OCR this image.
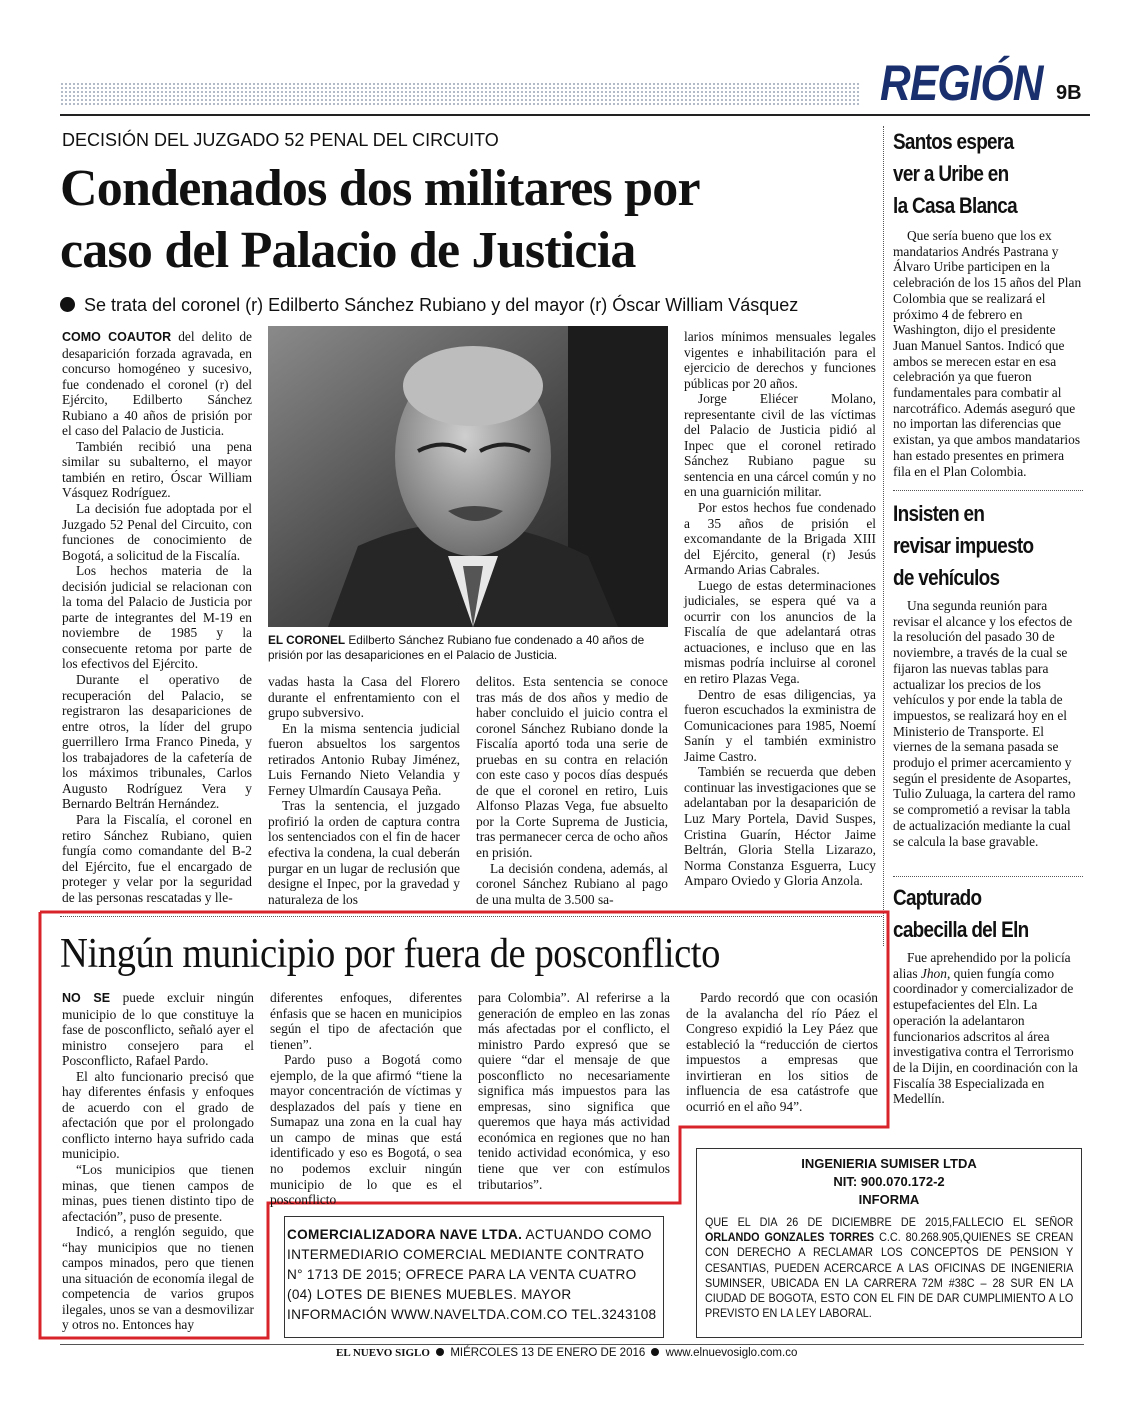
REGIÓN 9B
DECISIÓN DEL JUZGADO 52 PENAL DEL CIRCUITO
Condenados dos militares por
caso del Palacio de Justicia
Se trata del coronel (r) Edilberto Sánchez Rubiano y del mayor (r) Óscar William Vásquez

COMO COAUTOR del delito de desaparición forzada agravada, en concurso homogéneo y sucesivo, fue condenado el coronel (r) del Ejército, Edilberto Sánchez Rubiano a 40 años de prisión por el caso del Palacio de Justicia.

También recibió una pena similar su subalterno, el mayor también en retiro, Óscar William Vásquez Rodríguez.

La decisión fue adoptada por el Juzgado 52 Penal del Circuito, con funciones de conocimiento de Bogotá, a solicitud de la Fiscalía.

Los hechos materia de la decisión judicial se relacionan con la toma del Palacio de Justicia por parte de integrantes del M-19 en noviembre de 1985 y la consecuente retoma por parte de los efectivos del Ejército.

Durante el operativo de recuperación del Palacio, se registraron las desapariciones de entre otros, la líder del grupo guerrillero Irma Franco Pineda, y los trabajadores de la cafetería de los máximos tribunales, Carlos Augusto Rodríguez Vera y Bernardo Beltrán Hernández.

Para la Fiscalía, el coronel en retiro Sánchez Rubiano, quien fungía como comandante del B-2 del Ejército, fue el encargado de proteger y velar por la seguridad de las personas rescatadas y lle-

EL CORONEL Edilberto Sánchez Rubiano fue condenado a 40 años de prisión por las desapariciones en el Palacio de Justicia.

vadas hasta la Casa del Florero durante el enfrentamiento con el grupo subversivo.

En la misma sentencia judicial fueron absueltos los sargentos retirados Antonio Rubay Jiménez, Luis Fernando Nieto Velandia y Ferney Ulmardín Causaya Peña.

Tras la sentencia, el juzgado profirió la orden de captura contra los sentenciados con el fin de hacer efectiva la condena, la cual deberán purgar en un lugar de reclusión que designe el Inpec, por la gravedad y naturaleza de los

delitos. Esta sentencia se conoce tras más de dos años y medio de haber concluido el juicio contra el coronel Sánchez Rubiano donde la Fiscalía aportó toda una serie de pruebas en su contra en relación con este caso y pocos días después de que el coronel en retiro, Luis Alfonso Plazas Vega, fue absuelto por la Corte Suprema de Justicia, tras permanecer cerca de ocho años en prisión.

La decisión condena, además, al coronel Sánchez Rubiano al pago de una multa de 3.500 sa-

larios mínimos mensuales legales vigentes e inhabilitación para el ejercicio de derechos y funciones públicas por 20 años.

Jorge Eliécer Molano, representante civil de las víctimas del Palacio de Justicia pidió al Inpec que el coronel retirado Sánchez Rubiano pague su sentencia en una cárcel común y no en una guarnición militar.

Por estos hechos fue condenado a 35 años de prisión el excomandante de la Brigada XIII del Ejército, general (r) Jesús Armando Arias Cabrales.

Luego de estas determinaciones judiciales, se espera qué va a ocurrir con los anuncios de la Fiscalía de que adelantará otras actuaciones, e incluso que en las mismas podría incluirse al coronel en retiro Plazas Vega.

Dentro de esas diligencias, ya fueron escuchados la exministra de Comunicaciones para 1985, Noemí Sanín y el también exministro Jaime Castro.

También se recuerda que deben continuar las investigaciones que se adelantaban por la desaparición de Luz Mary Portela, David Suspes, Cristina Guarín, Héctor Jaime Beltrán, Gloria Stella Lizarazo, Norma Constanza Esguerra, Lucy Amparo Oviedo y Gloria Anzola.

Santos espera
ver a Uribe en
la Casa Blanca

Que sería bueno que los ex mandatarios Andrés Pastrana y Álvaro Uribe participen en la celebración de los 15 años del Plan Colombia que se realizará el próximo 4 de febrero en Washington, dijo el presidente Juan Manuel Santos. Indicó que ambos se merecen estar en esa celebración ya que fueron fundamentales para combatir al narcotráfico. Además aseguró que no importan las diferencias que existan, ya que ambos mandatarios han estado presentes en primera fila en el Plan Colombia.

Insisten en
revisar impuesto
de vehículos

Una segunda reunión para revisar el alcance y los efectos de la resolución del pasado 30 de noviembre, a través de la cual se fijaron las nuevas tablas para actualizar los precios de los vehículos y por ende la tabla de impuestos, se realizará hoy en el Ministerio de Transporte. El viernes de la semana pasada se produjo el primer acercamiento y según el presidente de Asopartes, Tulio Zuluaga, la cartera del ramo se comprometió a revisar la tabla de actualización mediante la cual se calcula la base gravable.

Capturado
cabecilla del Eln

Fue aprehendido por la policía alias Jhon, quien fungía como coordinador y comercializador de estupefacientes del Eln. La operación la adelantaron funcionarios adscritos al área investigativa contra el Terrorismo de la Dijin, en coordinación con la Fiscalía 38 Especializada en Medellín.

Ningún municipio por fuera de posconflicto

NO SE puede excluir ningún municipio de lo que constituye la fase de posconflicto, señaló ayer el ministro consejero para el Posconflicto, Rafael Pardo.

El alto funcionario precisó que hay diferentes énfasis y enfoques de acuerdo con el grado de afectación que por el prolongado conflicto interno haya sufrido cada municipio.

“Los municipios que tienen minas, que tienen campos de minas, pues tienen distinto tipo de afectación”, puso de presente.

Indicó, a renglón seguido, que “hay municipios que no tienen campos minados, pero que tienen una situación de economía ilegal de competencia de varios grupos ilegales, unos se van a desmovilizar y otros no. Entonces hay

diferentes enfoques, diferentes énfasis que se hacen en municipios según el tipo de afectación que tienen”.

Pardo puso a Bogotá como ejemplo, de la que afirmó “tiene la mayor concentración de víctimas y desplazados del país y tiene en Sumapaz una zona en la cual hay un campo de minas que está identificado y eso es Bogotá, o sea no podemos excluir ningún municipio de lo que es el posconflicto

para Colombia”. Al referirse a la generación de empleo en las zonas más afectadas por el conflicto, el ministro Pardo expresó que se quiere “dar el mensaje de que posconflicto no necesariamente significa más impuestos para las empresas, sino significa que queremos que haya más actividad económica en regiones que no han tenido actividad económica, y eso tiene que ver con estímulos tributarios”.

Pardo recordó que con ocasión de la avalancha del río Páez el Congreso expidió la Ley Páez que estableció la “reducción de ciertos impuestos a empresas que invirtieran en los sitios de influencia de esa catástrofe que ocurrió en el año 94”.

COMERCIALIZADORA NAVE LTDA. ACTUANDO COMO INTERMEDIARIO COMERCIAL MEDIANTE CONTRATO N° 1713 DE 2015; OFRECE PARA LA VENTA CUATRO (04) LOTES DE BIENES MUEBLES. MAYOR INFORMACIÓN WWW.NAVELTDA.COM.CO TEL.3243108
INGENIERIA SUMISER LTDA
NIT: 900.070.172-2
INFORMA
QUE EL DIA 26 DE DICIEMBRE DE 2015,FALLECIO EL SEÑOR ORLANDO GONZALES TORRES C.C. 80.268.905,QUIENES SE CREAN CON DERECHO A RECLAMAR LOS CONCEPTOS DE PENSION Y CESANTIAS, PUEDEN ACERCARCE A LAS OFICINAS DE INGENIERIA SUMINSER, UBICADA EN LA CARRERA 72M #38C – 28 SUR EN LA CIUDAD DE BOGOTA, ESTO CON EL FIN DE DAR CUMPLIMIENTO A LO PREVISTO EN LA LEY LABORAL.
EL NUEVO SIGLO MIÉRCOLES 13 DE ENERO DE 2016 www.elnuevosiglo.com.co
